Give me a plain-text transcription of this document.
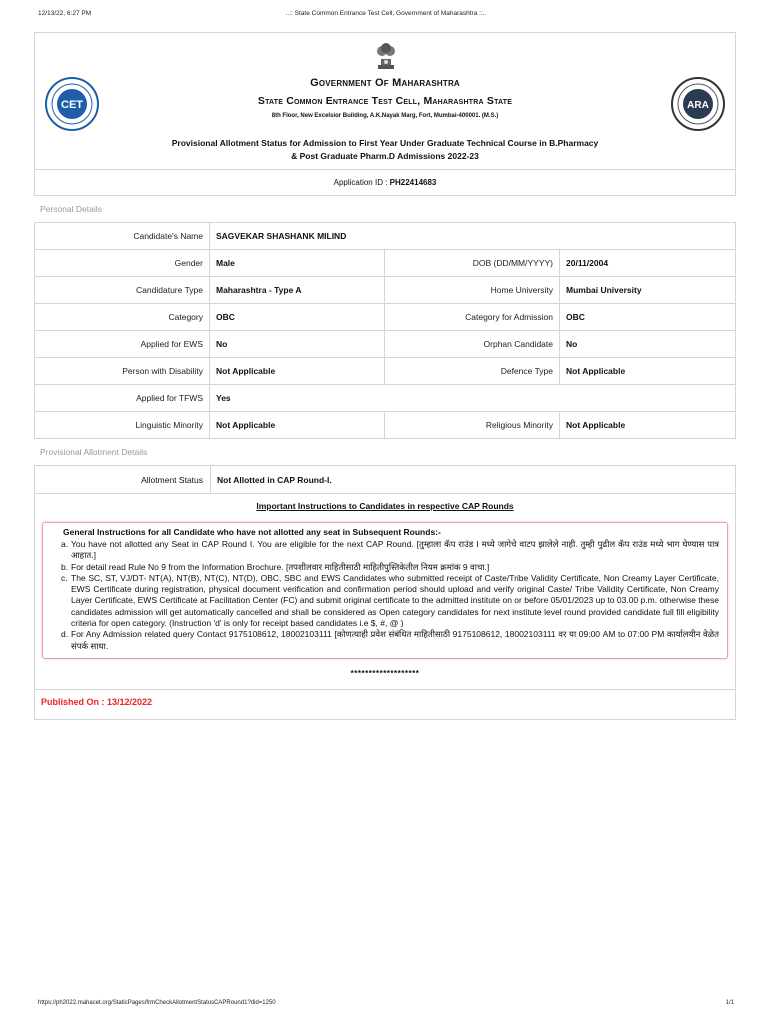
12/13/22, 6:27 PM	..:: State Common Entrance Test Cell, Government of Maharashtra ::..
CET
Government Of Maharashtra
State Common Entrance Test Cell, Maharashtra State
8th Floor, New Excelsior Building, A.K.Nayak Marg, Fort, Mumbai-400001. (M.S.)
Provisional Allotment Status for Admission to First Year Under Graduate Technical Course in B.Pharmacy
& Post Graduate Pharm.D Admissions 2022-23
ARA
Application ID : PH22414683
Personal Details
Candidate's Name	SAGVEKAR SHASHANK MILIND		
Gender	Male	DOB (DD/MM/YYYY)	20/11/2004
Candidature Type	Maharashtra - Type A	Home University	Mumbai University
Category	OBC	Category for Admission	OBC
Applied for EWS	No	Orphan Candidate	No
Person with Disability	Not Applicable	Defence Type	Not Applicable
Applied for TFWS	Yes		
Linguistic Minority	Not Applicable	Religious Minority	Not Applicable
Provisional Allotment Details
Allotment Status Not Allotted in CAP Round-I.
Important Instructions to Candidates in respective CAP Rounds
General Instructions for all Candidate who have not allotted any seat in Subsequent Rounds:-
a. You have not allotted any Seat in CAP Round I. You are eligible for the next CAP Round. [तुम्हाला कॅप राउंड I मध्ये जागेचे वाटप झालेले नाही. तुम्ही पुढील कॅप राउंड मध्ये भाग घेण्यास पात्र आहात.]
b. For detail read Rule No 9 from the Information Brochure. [तपशीलवार माहितीसाठी माहितीपुस्तिकेतील नियम क्रमांक 9 वाचा.]
c. The SC, ST, VJ/DT- NT(A), NT(B), NT(C), NT(D), OBC, SBC and EWS Candidates who submitted receipt of Caste/Tribe Validity Certificate, Non Creamy Layer Certificate, EWS Certificate during registration, physical document verification and confirmation period should upload and verify original Caste/ Tribe Validity Certificate, Non Creamy Layer Certificate, EWS Certificate at Facilitation Center (FC) and submit original certificate to the admitted institute on or before 05/01/2023 up to 03.00 p.m. otherwise these candidates admission will get automatically cancelled and shall be considered as Open category candidates for next institute level round provided candidate full fill eligibility criteria for open category. (Instruction 'd' is only for receipt based candidates i.e $, #, @ )
d. For Any Admission related query Contact 9175108612, 18002103111 [कोणत्याही प्रवेश संबंधित माहितीसाठी 9175108612, 18002103111 वर या 09:00 AM to 07:00 PM कार्यालयीन वेळेत संपर्क साधा.
*******************
Published On : 13/12/2022
https://ph2022.mahacet.org/StaticPages/frmCheckAllotmentStatusCAPRound1?did=1250	1/1
